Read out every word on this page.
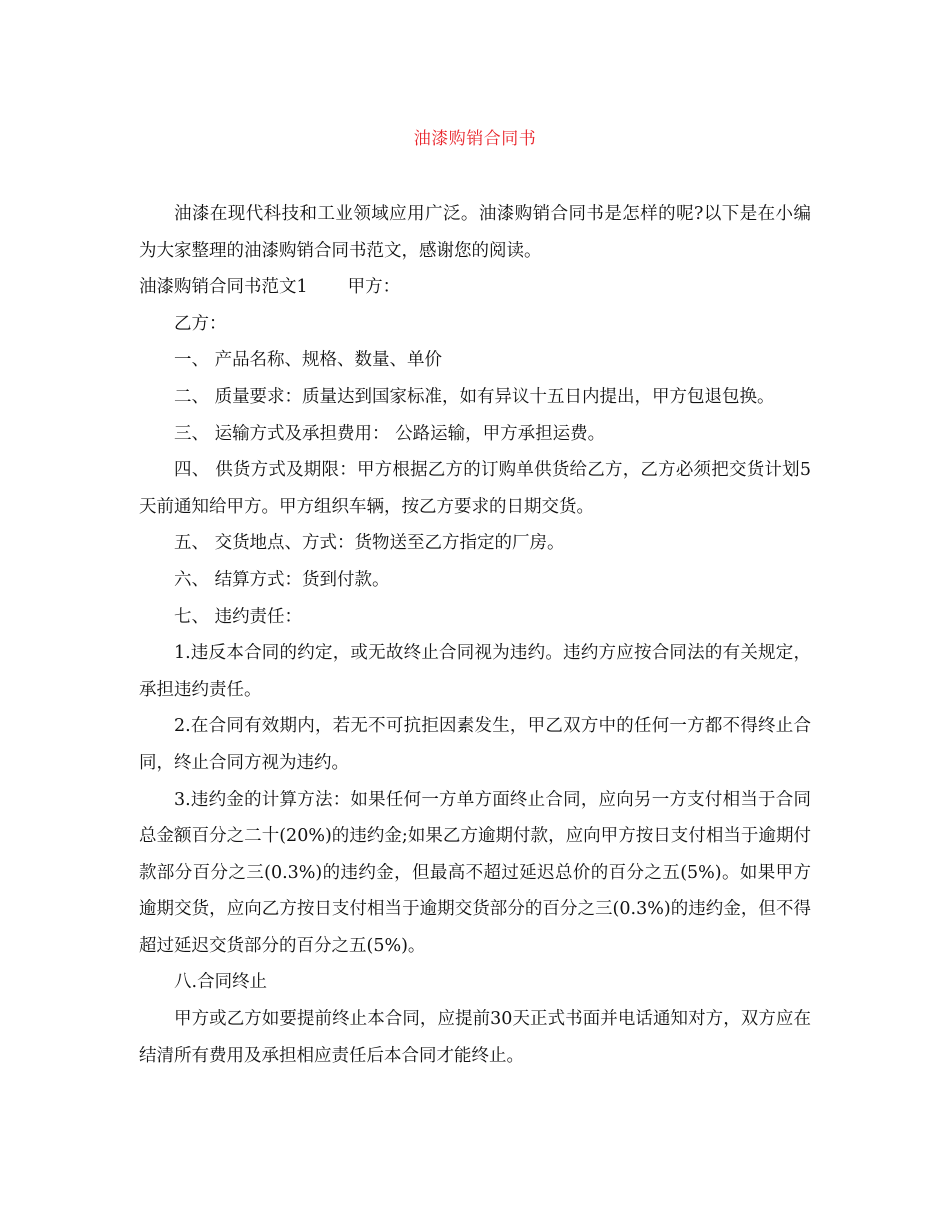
油漆购销合同书

油漆在现代科技和工业领域应用广泛。油漆购销合同书是怎样的呢?以下是在小编为大家整理的油漆购销合同书范文，感谢您的阅读。

油漆购销合同书范文1 甲方：

乙方：

一、 产品名称、规格、数量、单价

二、 质量要求：质量达到国家标准，如有异议十五日内提出，甲方包退包换。

三、 运输方式及承担费用： 公路运输，甲方承担运费。

四、 供货方式及期限：甲方根据乙方的订购单供货给乙方，乙方必须把交货计划5天前通知给甲方。甲方组织车辆，按乙方要求的日期交货。

五、 交货地点、方式：货物送至乙方指定的厂房。

六、 结算方式：货到付款。

七、 违约责任：

1.违反本合同的约定，或无故终止合同视为违约。违约方应按合同法的有关规定，承担违约责任。

2.在合同有效期内，若无不可抗拒因素发生，甲乙双方中的任何一方都不得终止合同，终止合同方视为违约。

3.违约金的计算方法：如果任何一方单方面终止合同，应向另一方支付相当于合同总金额百分之二十(20%)的违约金;如果乙方逾期付款，应向甲方按日支付相当于逾期付款部分百分之三(0.3%)的违约金，但最高不超过延迟总价的百分之五(5%)。如果甲方逾期交货，应向乙方按日支付相当于逾期交货部分的百分之三(0.3%)的违约金，但不得超过延迟交货部分的百分之五(5%)。

八.合同终止

甲方或乙方如要提前终止本合同，应提前30天正式书面并电话通知对方，双方应在结清所有费用及承担相应责任后本合同才能终止。
